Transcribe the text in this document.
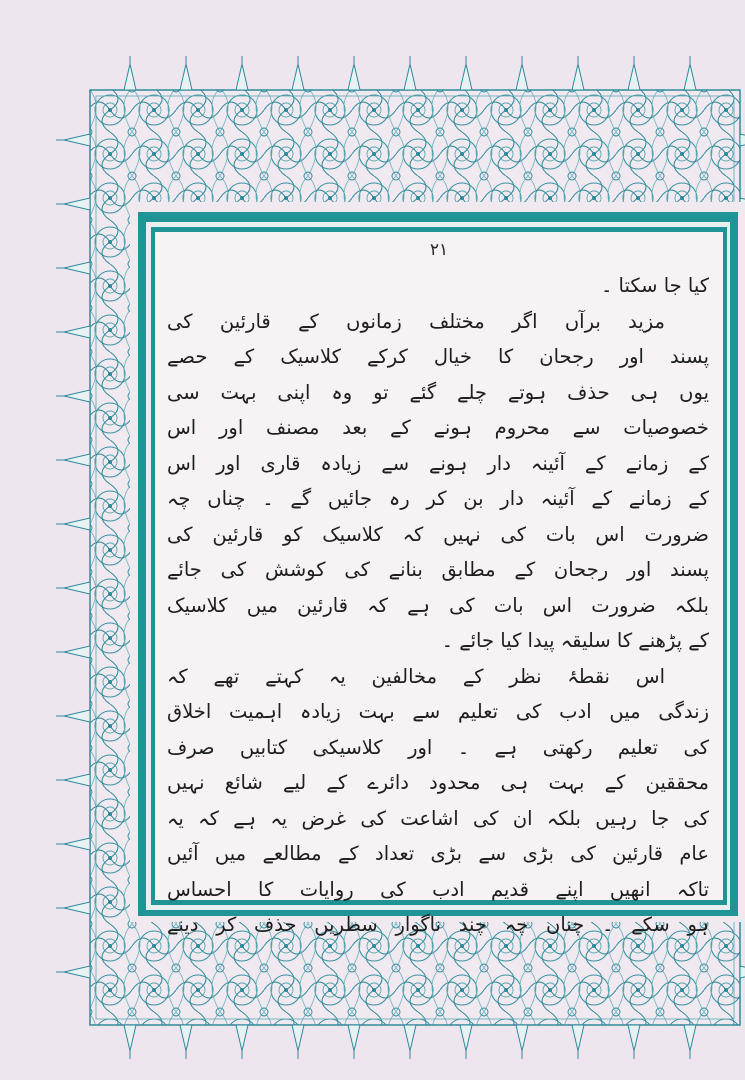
۲۱
کیا جا سکتا ۔
مزید برآں اگر مختلف زمانوں کے قارئین کی
پسند اور رجحان کا خیال کرکے کلاسیک کے حصے
یوں ہی حذف ہوتے چلے گئے تو وہ اپنی بہت سی
خصوصیات سے محروم ہونے کے بعد مصنف اور اس
کے زمانے کے آئینہ دار ہونے سے زیادہ قاری اور اس
کے زمانے کے آئینہ دار بن کر رہ جائیں گے ۔ چناں چہ
ضرورت اس بات کی نہیں کہ کلاسیک کو قارئین کی
پسند اور رجحان کے مطابق بنانے کی کوشش کی جائے
بلکہ ضرورت اس بات کی ہے کہ قارئین میں کلاسیک
کے پڑھنے کا سلیقہ پیدا کیا جائے ۔
اس نقطۂ نظر کے مخالفین یہ کہتے تھے کہ
زندگی میں ادب کی تعلیم سے بہت زیادہ اہمیت اخلاق
کی تعلیم رکھتی ہے ۔ اور کلاسیکی کتابیں صرف
محققین کے بہت ہی محدود دائرے کے لیے شائع نہیں
کی جا رہیں بلکہ ان کی اشاعت کی غرض یہ ہے کہ یہ
عام قارئین کی بڑی سے بڑی تعداد کے مطالعے میں آئیں
تاکہ انھیں اپنے قدیم ادب کی روایات کا احساس
ہو سکے ۔ چناں چہ چند ناگوار سطریں حذف کر دینے
